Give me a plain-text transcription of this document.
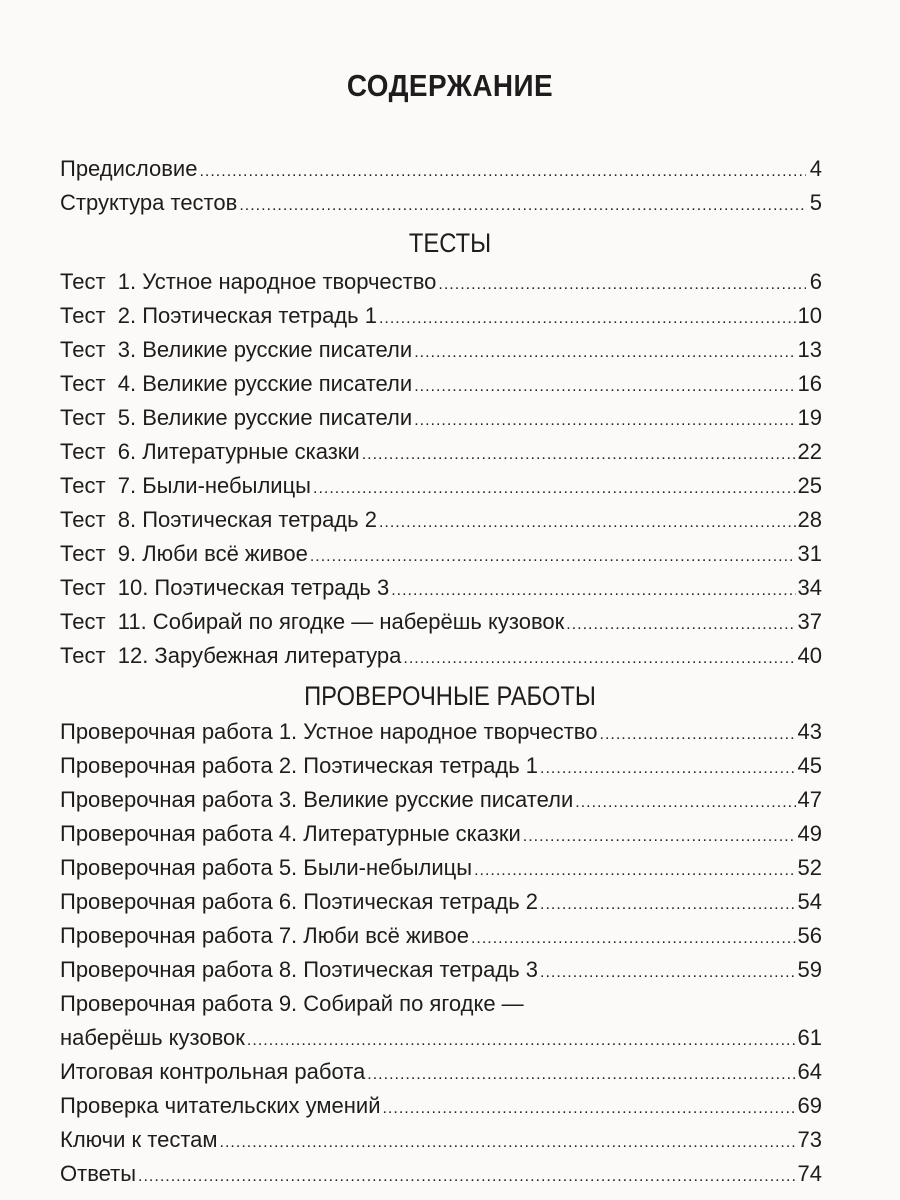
СОДЕРЖАНИЕ
Предисловие .....	4
Структура тестов .....	5
ТЕСТЫ
Тест  1. Устное народное творчество .....	6
Тест  2. Поэтическая тетрадь 1 .....	10
Тест  3. Великие русские писатели .....	13
Тест  4. Великие русские писатели .....	16
Тест  5. Великие русские писатели .....	19
Тест  6. Литературные сказки .....	22
Тест  7. Были-небылицы .....	25
Тест  8. Поэтическая тетрадь 2 .....	28
Тест  9. Люби всё живое .....	31
Тест  10. Поэтическая тетрадь 3 .....	34
Тест  11. Собирай по ягодке — наберёшь кузовок .....	37
Тест  12. Зарубежная литература .....	40
ПРОВЕРОЧНЫЕ РАБОТЫ
Проверочная работа 1. Устное народное творчество .....	43
Проверочная работа 2. Поэтическая тетрадь 1 .....	45
Проверочная работа 3. Великие русские писатели .....	47
Проверочная работа 4. Литературные сказки .....	49
Проверочная работа 5. Были-небылицы .....	52
Проверочная работа 6. Поэтическая тетрадь 2 .....	54
Проверочная работа 7. Люби всё живое .....	56
Проверочная работа 8. Поэтическая тетрадь 3 .....	59
Проверочная работа 9. Собирай по ягодке —
наберёшь кузовок .....	61
Итоговая контрольная работа .....	64
Проверка читательских умений .....	69
Ключи к тестам .....	73
Ответы .....	74
